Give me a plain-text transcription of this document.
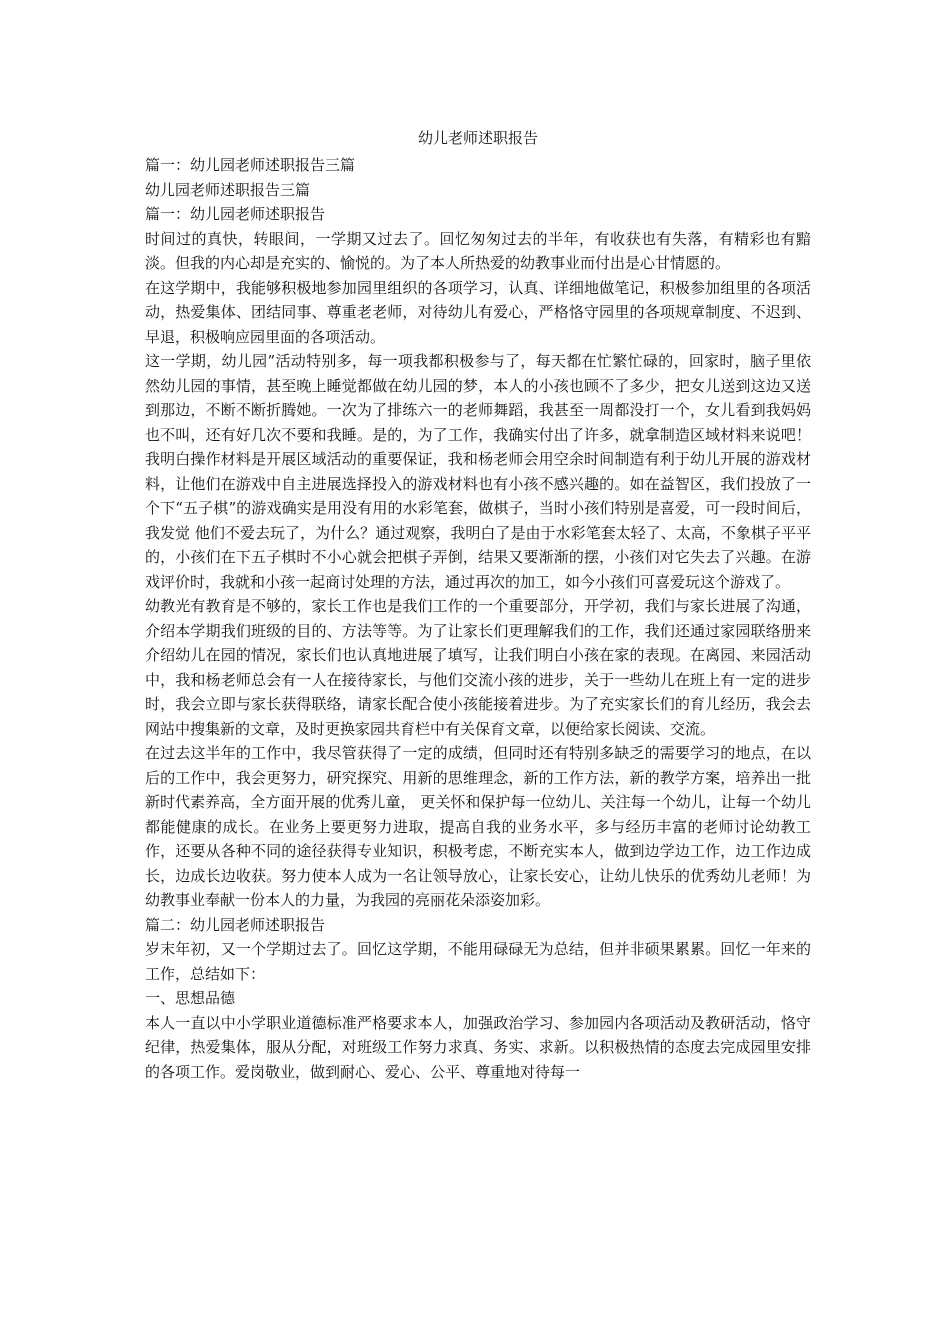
幼儿老师述职报告

篇一：幼儿园老师述职报告三篇

幼儿园老师述职报告三篇

篇一：幼儿园老师述职报告

时间过的真快，转眼间，一学期又过去了。回忆匆匆过去的半年，有收获也有失落，有精彩也有黯淡。但我的内心却是充实的、愉悦的。为了本人所热爱的幼教事业而付出是心甘情愿的。

在这学期中，我能够积极地参加园里组织的各项学习，认真、详细地做笔记，积极参加组里的各项活动，热爱集体、团结同事、尊重老老师，对待幼儿有爱心，严格恪守园里的各项规章制度、不迟到、早退，积极响应园里面的各项活动。

这一学期，幼儿园”活动特别多，每一项我都积极参与了，每天都在忙繁忙碌的，回家时，脑子里依然幼儿园的事情，甚至晚上睡觉都做在幼儿园的梦，本人的小孩也顾不了多少，把女儿送到这边又送到那边，不断不断折腾她。一次为了排练六一的老师舞蹈，我甚至一周都没打一个，女儿看到我妈妈也不叫，还有好几次不要和我睡。是的，为了工作，我确实付出了许多，就拿制造区域材料来说吧！我明白操作材料是开展区域活动的重要保证，我和杨老师会用空余时间制造有利于幼儿开展的游戏材料，让他们在游戏中自主进展选择投入的游戏材料也有小孩不感兴趣的。如在益智区，我们投放了一个下“五子棋”的游戏确实是用没有用的水彩笔套，做棋子，当时小孩们特别是喜爱，可一段时间后，我发觉 他们不爱去玩了，为什么？通过观察，我明白了是由于水彩笔套太轻了、太高，不象棋子平平的，小孩们在下五子棋时不小心就会把棋子弄倒，结果又要渐渐的摆，小孩们对它失去了兴趣。在游戏评价时，我就和小孩一起商讨处理的方法，通过再次的加工，如今小孩们可喜爱玩这个游戏了。

幼教光有教育是不够的，家长工作也是我们工作的一个重要部分，开学初，我们与家长进展了沟通，介绍本学期我们班级的目的、方法等等。为了让家长们更理解我们的工作，我们还通过家园联络册来介绍幼儿在园的情况，家长们也认真地进展了填写，让我们明白小孩在家的表现。在离园、来园活动中，我和杨老师总会有一人在接待家长，与他们交流小孩的进步，关于一些幼儿在班上有一定的进步时，我会立即与家长获得联络，请家长配合使小孩能接着进步。为了充实家长们的育儿经历，我会去网站中搜集新的文章，及时更换家园共育栏中有关保育文章，以便给家长阅读、交流。

在过去这半年的工作中，我尽管获得了一定的成绩，但同时还有特别多缺乏的需要学习的地点，在以后的工作中，我会更努力，研究探究、用新的思维理念，新的工作方法，新的教学方案，培养出一批新时代素养高，全方面开展的优秀儿童， 更关怀和保护每一位幼儿、关注每一个幼儿，让每一个幼儿都能健康的成长。在业务上要更努力进取，提高自我的业务水平，多与经历丰富的老师讨论幼教工作，还要从各种不同的途径获得专业知识，积极考虑，不断充实本人，做到边学边工作，边工作边成长，边成长边收获。努力使本人成为一名让领导放心，让家长安心，让幼儿快乐的优秀幼儿老师！为幼教事业奉献一份本人的力量，为我园的亮丽花朵添姿加彩。

篇二：幼儿园老师述职报告

岁末年初，又一个学期过去了。回忆这学期，不能用碌碌无为总结，但并非硕果累累。回忆一年来的工作，总结如下：

一、思想品德

本人一直以中小学职业道德标准严格要求本人，加强政治学习、参加园内各项活动及教研活动，恪守纪律，热爱集体，服从分配，对班级工作努力求真、务实、求新。以积极热情的态度去完成园里安排的各项工作。爱岗敬业，做到耐心、爱心、公平、尊重地对待每一
